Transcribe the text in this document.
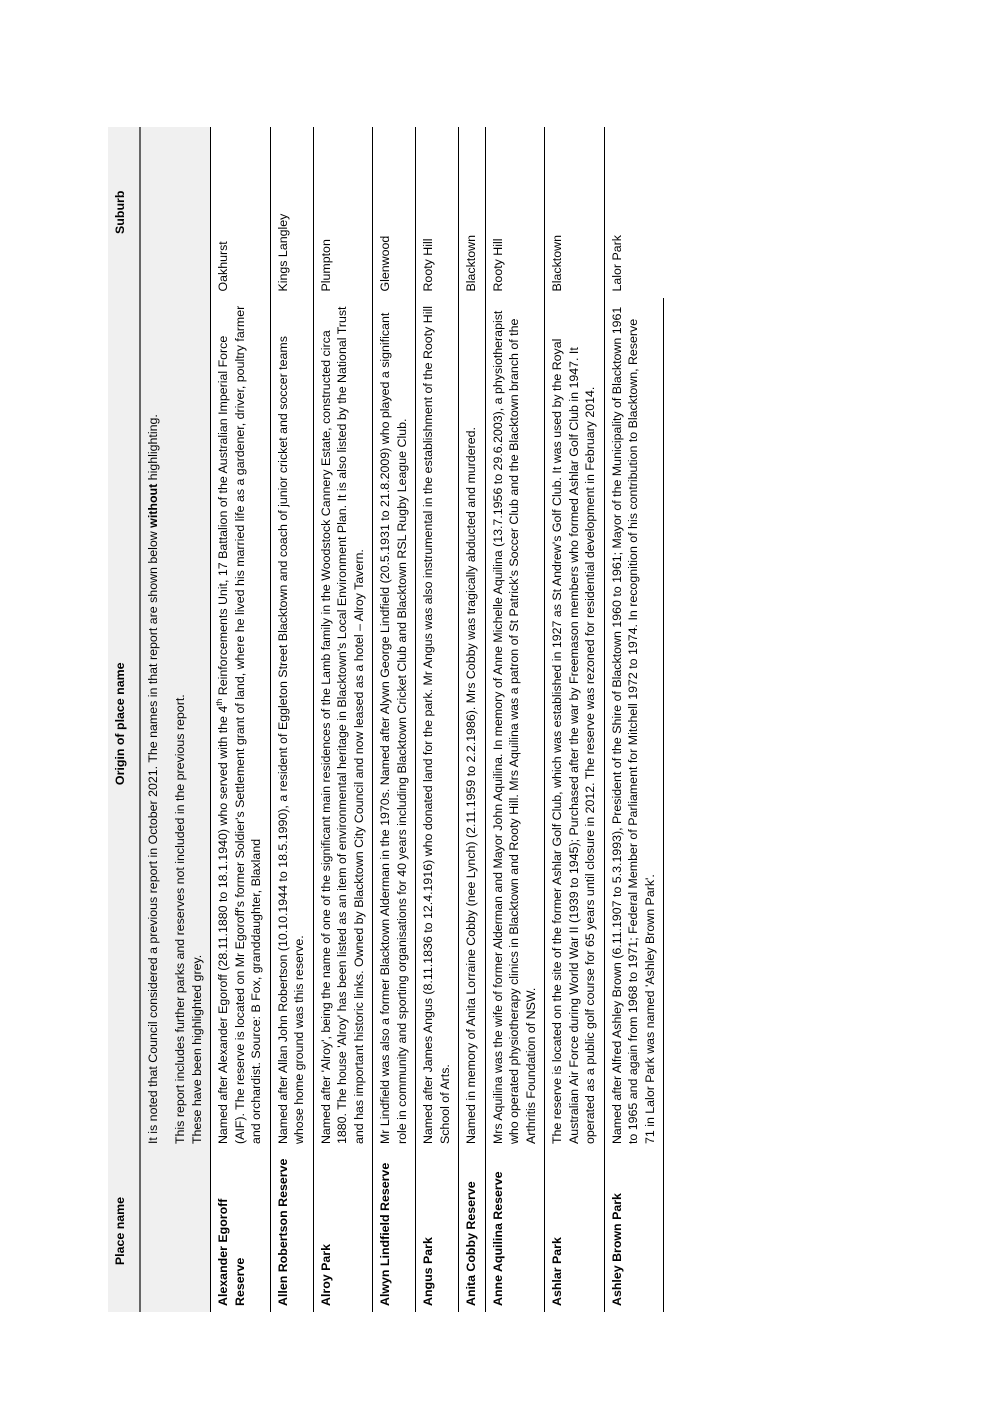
Place name	Origin of place name	Suburb

	It is noted that Council considered a previous report in October 2021. The names in that report are shown below without highlighting.

This report includes further parks and reserves not included in the previous report. These have been highlighted grey.	

Alexander Egoroff Reserve	Named after Alexander Egoroff (28.11.1880 to 18.1.1940) who served with the 4th Reinforcements Unit, 17 Battalion of the Australian Imperial Force (AIF). The reserve is located on Mr Egoroff's former Soldier's Settlement grant of land, where he lived his married life as a gardener, driver, poultry farmer and orchardist. Source: B Fox, granddaughter, Blaxland	Oakhurst
Allen Robertson Reserve	Named after Allan John Robertson (10.10.1944 to 18.5.1990), a resident of Eggleton Street Blacktown and coach of junior cricket and soccer teams whose home ground was this reserve.	Kings Langley
Alroy Park	Named after 'Alroy', being the name of one of the significant main residences of the Lamb family in the Woodstock Cannery Estate, constructed circa 1880. The house 'Alroy' has been listed as an item of environmental heritage in Blacktown's Local Environment Plan. It is also listed by the National Trust and has important historic links. Owned by Blacktown City Council and now leased as a hotel – Alroy Tavern.	Plumpton
Alwyn Lindfield Reserve	Mr Lindfield was also a former Blacktown Alderman in the 1970s. Named after Alywn George Lindfield (20.5.1931 to 21.8.2009) who played a significant role in community and sporting organisations for 40 years including Blacktown Cricket Club and Blacktown RSL Rugby League Club.	Glenwood
Angus Park	Named after James Angus (8.11.1836 to 12.4.1916) who donated land for the park. Mr Angus was also instrumental in the establishment of the Rooty Hill School of Arts.	Rooty Hill
Anita Cobby Reserve	Named in memory of Anita Lorraine Cobby (nee Lynch) (2.11.1959 to 2.2.1986). Mrs Cobby was tragically abducted and murdered.	Blacktown
Anne Aquilina Reserve	Mrs Aquilina was the wife of former Alderman and Mayor John Aquilina. In memory of Anne Michelle Aquilina (13.7.1956 to 29.6.2003), a physiotherapist who operated physiotherapy clinics in Blacktown and Rooty Hill. Mrs Aquilina was a patron of St Patrick's Soccer Club and the Blacktown branch of the Arthritis Foundation of NSW.	Rooty Hill
Ashlar Park	The reserve is located on the site of the former Ashlar Golf Club, which was established in 1927 as St Andrew's Golf Club. It was used by the Royal Australian Air Force during World War II (1939 to 1945); Purchased after the war by Freemason members who formed Ashlar Golf Club in 1947. It operated as a public golf course for 65 years until closure in 2012. The reserve was rezoned for residential development in February 2014.	Blacktown
Ashley Brown Park	Named after Alfred Ashley Brown (6.11.1907 to 5.3.1993), President of the Shire of Blacktown 1960 to 1961; Mayor of the Municipality of Blacktown 1961 to 1965 and again from 1968 to 1971; Federal Member of Parliament for Mitchell 1972 to 1974. In recognition of his contribution to Blacktown, Reserve 71 in Lalor Park was named 'Ashley Brown Park'.	Lalor Park
